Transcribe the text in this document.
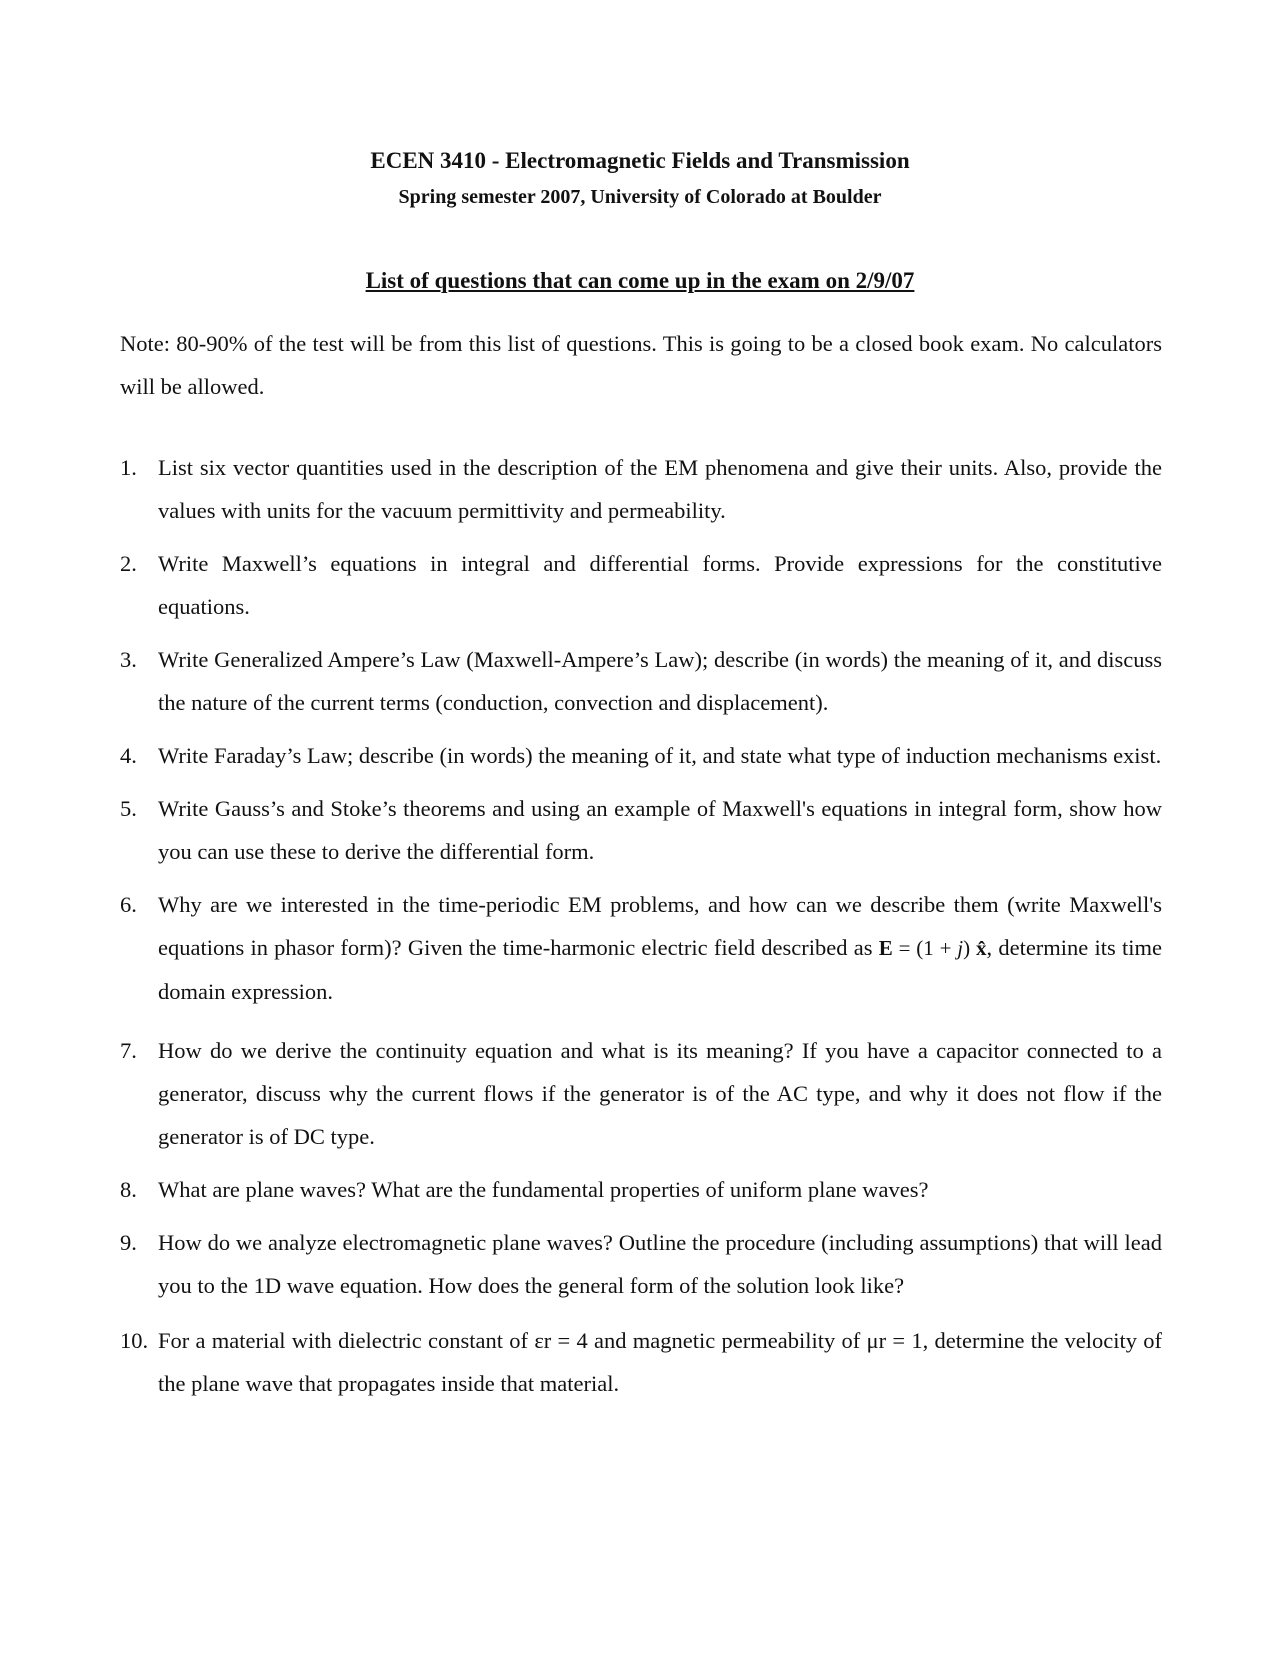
ECEN 3410 - Electromagnetic Fields and Transmission
Spring semester 2007, University of Colorado at Boulder
List of questions that can come up in the exam on 2/9/07
Note: 80-90% of the test will be from this list of questions. This is going to be a closed book exam. No calculators will be allowed.
1. List six vector quantities used in the description of the EM phenomena and give their units. Also, provide the values with units for the vacuum permittivity and permeability.
2. Write Maxwell’s equations in integral and differential forms. Provide expressions for the constitutive equations.
3. Write Generalized Ampere’s Law (Maxwell-Ampere’s Law); describe (in words) the meaning of it, and discuss the nature of the current terms (conduction, convection and displacement).
4. Write Faraday’s Law; describe (in words) the meaning of it, and state what type of induction mechanisms exist.
5. Write Gauss’s and Stoke’s theorems and using an example of Maxwell's equations in integral form, show how you can use these to derive the differential form.
6. Why are we interested in the time-periodic EM problems, and how can we describe them (write Maxwell's equations in phasor form)? Given the time-harmonic electric field described as E = (1 + j) x̂, determine its time domain expression.
7. How do we derive the continuity equation and what is its meaning? If you have a capacitor connected to a generator, discuss why the current flows if the generator is of the AC type, and why it does not flow if the generator is of DC type.
8. What are plane waves? What are the fundamental properties of uniform plane waves?
9. How do we analyze electromagnetic plane waves? Outline the procedure (including assumptions) that will lead you to the 1D wave equation. How does the general form of the solution look like?
10. For a material with dielectric constant of εr = 4 and magnetic permeability of μr = 1, determine the velocity of the plane wave that propagates inside that material.
